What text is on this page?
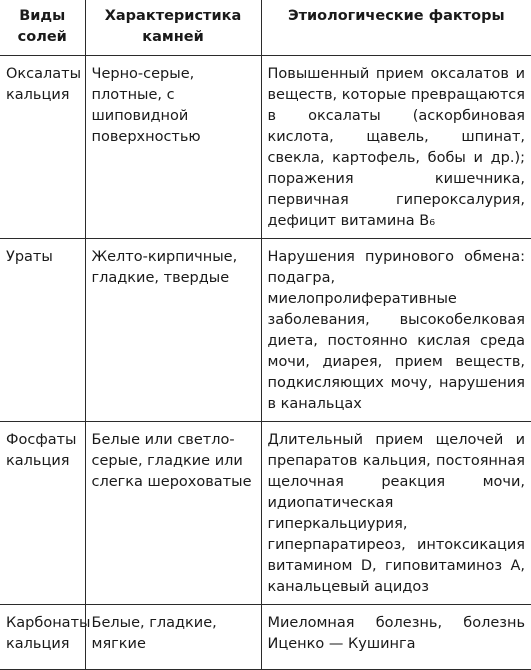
Виды солей	Характеристика камней	Этиологические факторы
Оксалаты кальция	Черно-серые, плотные, с шиповидной поверхностью	Повышенный прием оксалатов и веществ, которые превращаются в оксалаты (аскорбиновая кислота, щавель, шпинат, свекла, картофель, бобы и др.); поражения кишечника, первичная гипероксалурия, дефицит витамина B₆
Ураты	Желто-кирпичные, гладкие, твердые	Нарушения пуринового обмена: подагра, миелопролиферативные заболевания, высокобелковая диета, постоянно кислая среда мочи, диарея, прием веществ, подкисляющих мочу, нарушения в канальцах
Фосфаты кальция	Белые или светло-серые, гладкие или слегка шероховатые	Длительный прием щелочей и препаратов кальция, постоянная щелочная реакция мочи, идиопатическая гиперкальциурия, гиперпаратиреоз, интоксикация витамином D, гиповитаминоз A, канальцевый ацидоз
Карбонаты кальция	Белые, гладкие, мягкие	Миеломная болезнь, болезнь Иценко — Кушинга
